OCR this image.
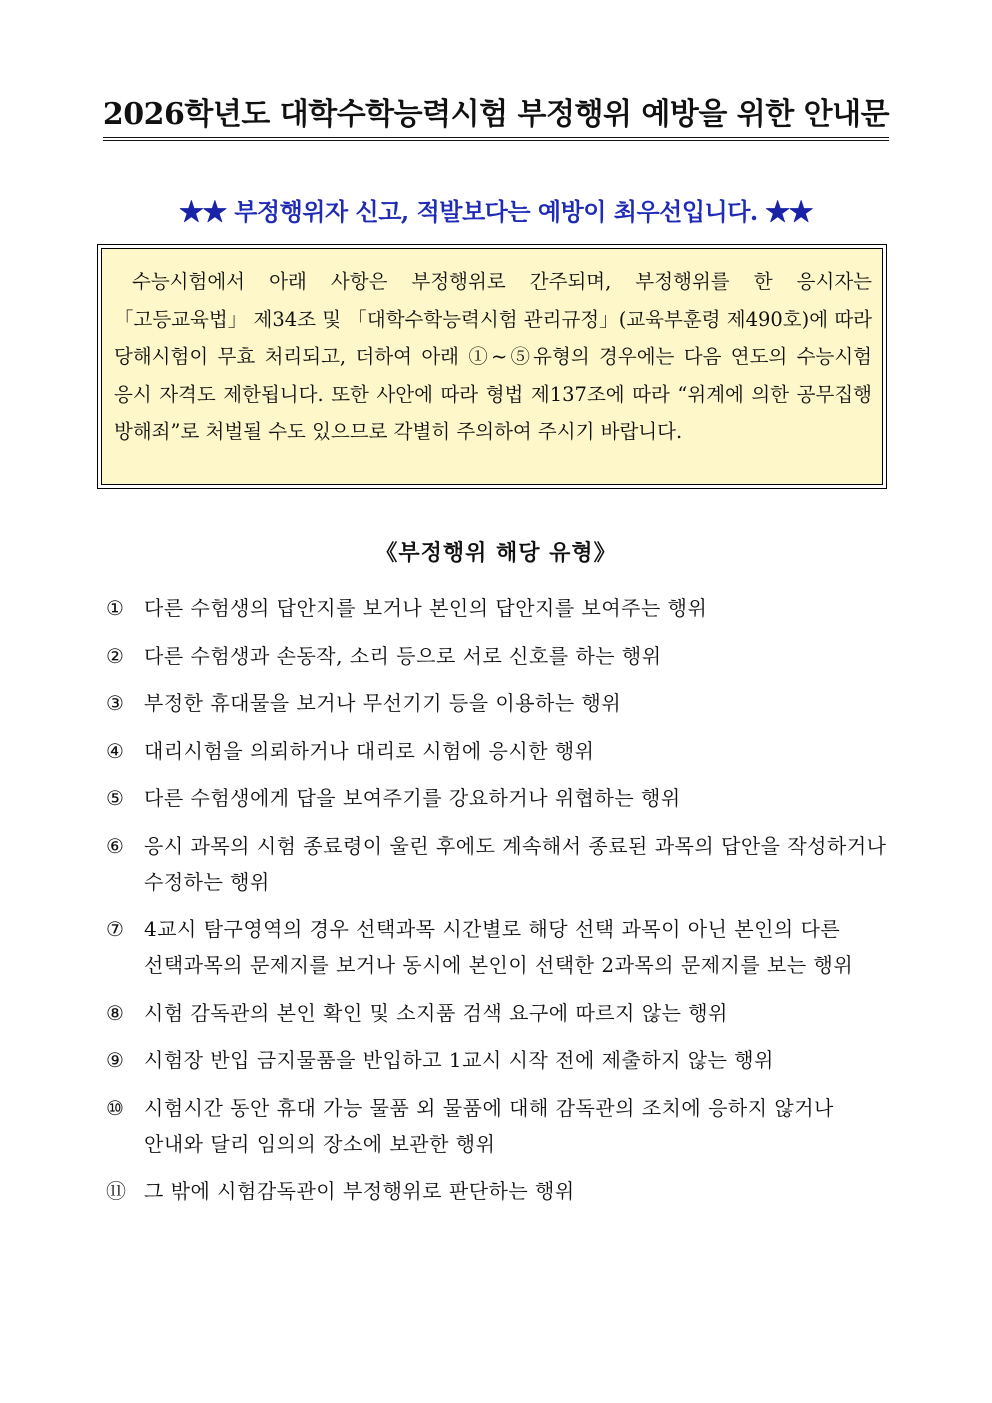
2026학년도 대학수학능력시험 부정행위 예방을 위한 안내문
★★ 부정행위자 신고, 적발보다는 예방이 최우선입니다. ★★

수능시험에서 아래 사항은 부정행위로 간주되며, 부정행위를 한 응시자는 「고등교육법」 제34조 및 「대학수학능력시험 관리규정」(교육부훈령 제490호)에 따라 당해시험이 무효 처리되고, 더하여 아래 ①~⑤유형의 경우에는 다음 연도의 수능시험 응시 자격도 제한됩니다. 또한 사안에 따라 형법 제137조에 따라 “위계에 의한 공무집행 방해죄”로 처벌될 수도 있으므로 각별히 주의하여 주시기 바랍니다.

《부정행위 해당 유형》
① 다른 수험생의 답안지를 보거나 본인의 답안지를 보여주는 행위
② 다른 수험생과 손동작, 소리 등으로 서로 신호를 하는 행위
③ 부정한 휴대물을 보거나 무선기기 등을 이용하는 행위
④ 대리시험을 의뢰하거나 대리로 시험에 응시한 행위
⑤ 다른 수험생에게 답을 보여주기를 강요하거나 위협하는 행위
⑥ 응시 과목의 시험 종료령이 울린 후에도 계속해서 종료된 과목의 답안을 작성하거나 수정하는 행위
⑦ 4교시 탐구영역의 경우 선택과목 시간별로 해당 선택 과목이 아닌 본인의 다른 선택과목의 문제지를 보거나 동시에 본인이 선택한 2과목의 문제지를 보는 행위
⑧ 시험 감독관의 본인 확인 및 소지품 검색 요구에 따르지 않는 행위
⑨ 시험장 반입 금지물품을 반입하고 1교시 시작 전에 제출하지 않는 행위
⑩ 시험시간 동안 휴대 가능 물품 외 물품에 대해 감독관의 조치에 응하지 않거나 안내와 달리 임의의 장소에 보관한 행위
⑪ 그 밖에 시험감독관이 부정행위로 판단하는 행위
